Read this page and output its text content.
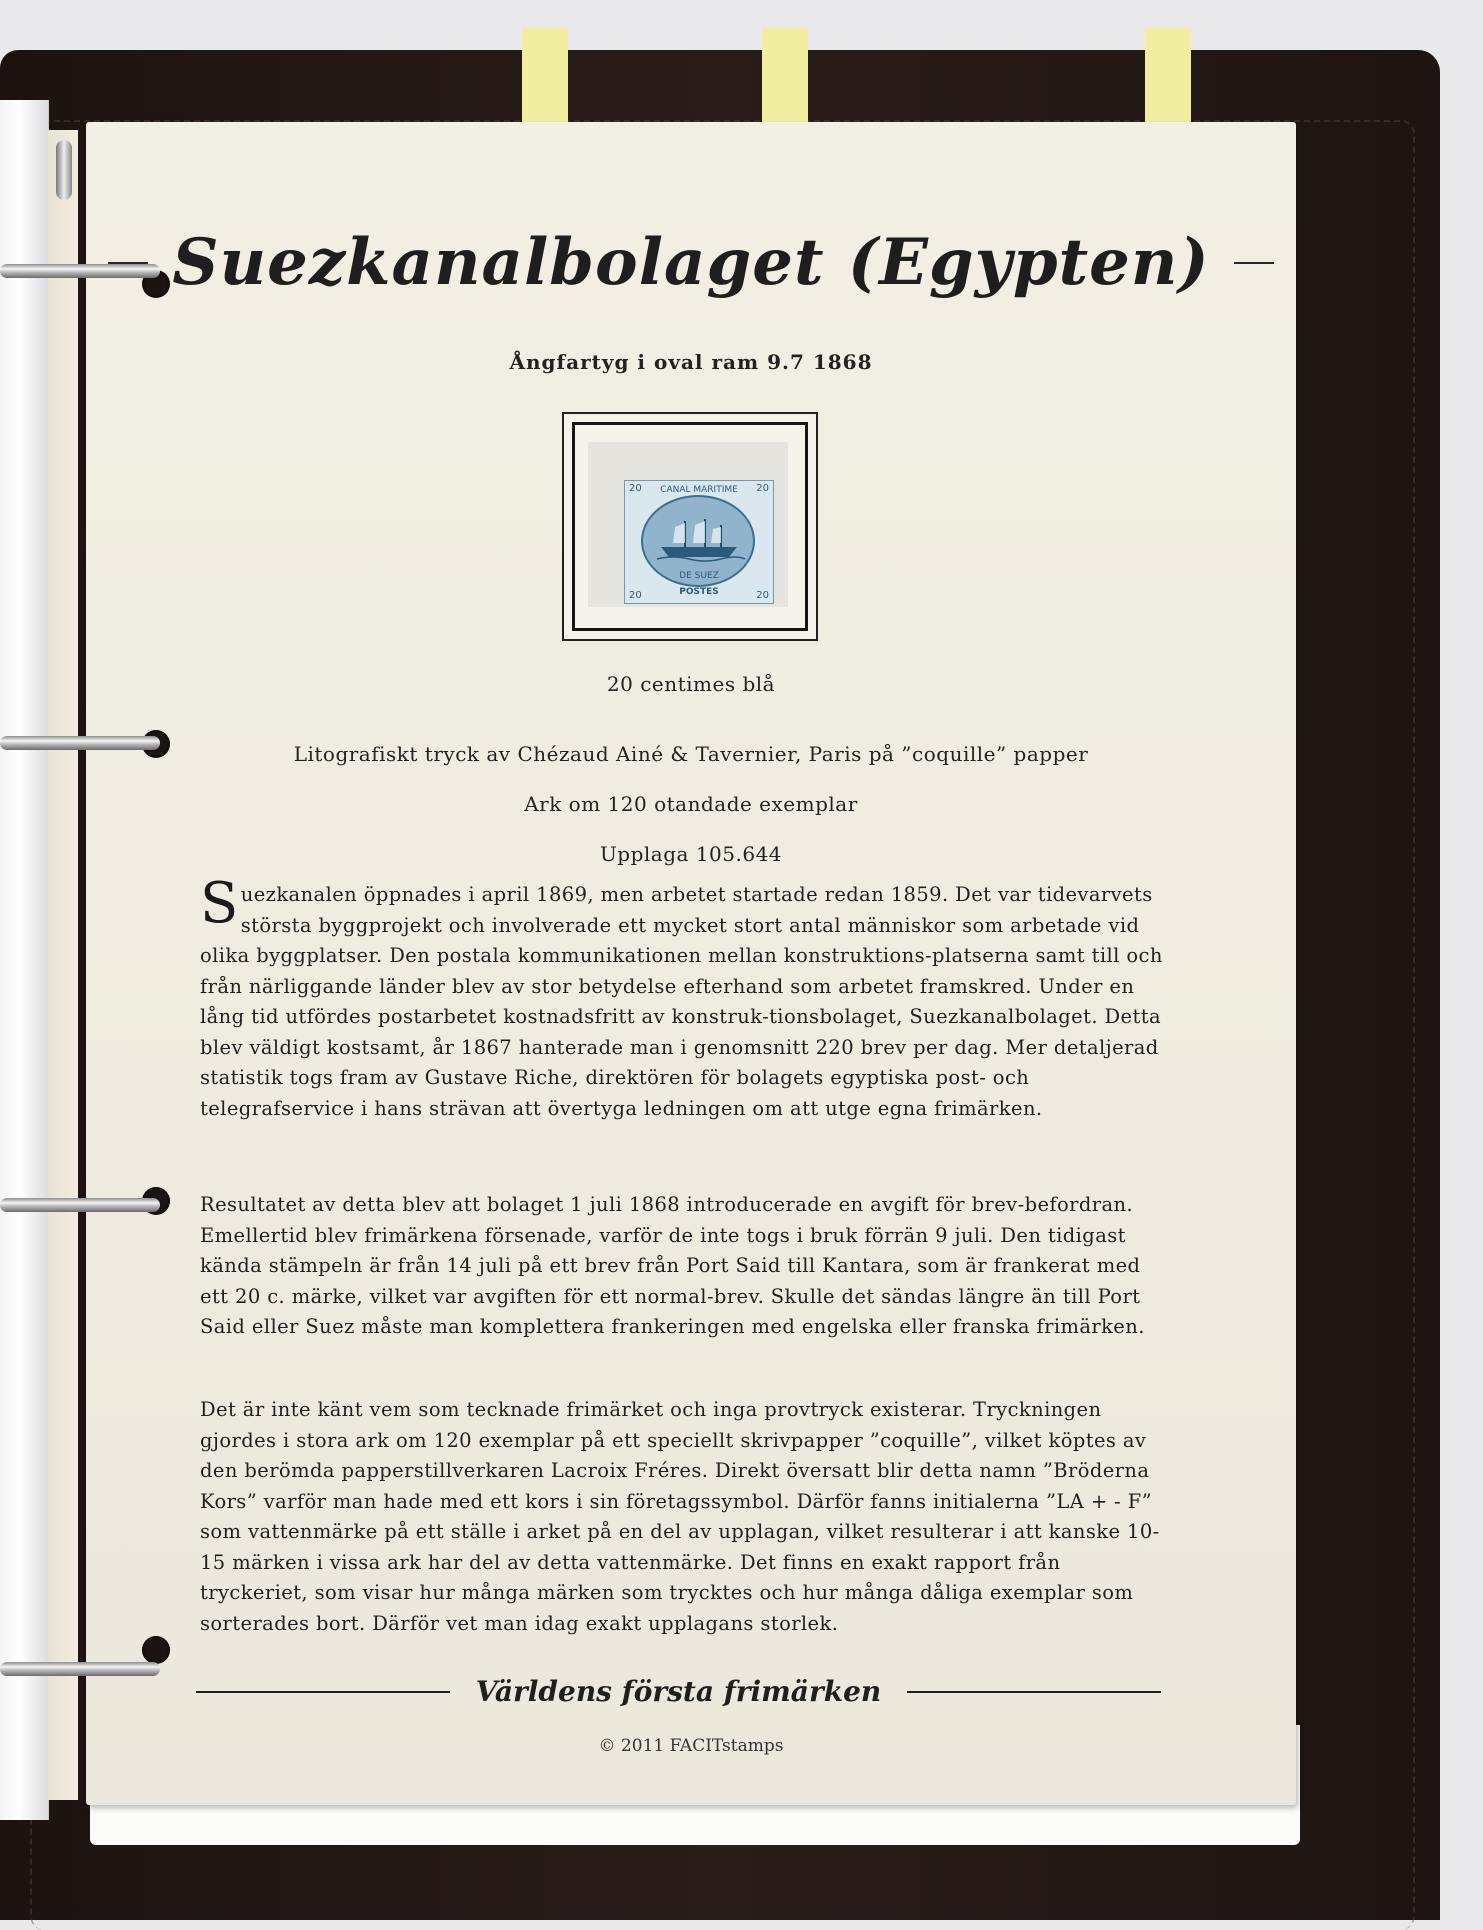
Suezkanalbolaget (Egypten)
Ångfartyg i oval ram 9.7 1868
CANAL MARITIME
DE SUEZ
POSTES
20	20
20	20
20 centimes blå
Litografiskt tryck av Chézaud Ainé & Tavernier, Paris på ”coquille” papper
Ark om 120 otandade exemplar
Upplaga 105.644
S uezkanalen öppnades i april 1869, men arbetet startade redan 1859. Det var tidevarvets största byggprojekt och involverade ett mycket stort antal människor som arbetade vid olika byggplatser. Den postala kommunikationen mellan konstruktions-platserna samt till och från närliggande länder blev av stor betydelse efterhand som arbetet framskred. Under en lång tid utfördes postarbetet kostnadsfritt av konstruk-tionsbolaget, Suezkanalbolaget. Detta blev väldigt kostsamt, år 1867 hanterade man i genomsnitt 220 brev per dag. Mer detaljerad statistik togs fram av Gustave Riche, direktören för bolagets egyptiska post- och telegrafservice i hans strävan att övertyga ledningen om att utge egna frimärken.
Resultatet av detta blev att bolaget 1 juli 1868 introducerade en avgift för brev-befordran. Emellertid blev frimärkena försenade, varför de inte togs i bruk förrän 9 juli. Den tidigast kända stämpeln är från 14 juli på ett brev från Port Said till Kantara, som är frankerat med ett 20 c. märke, vilket var avgiften för ett normal-brev. Skulle det sändas längre än till Port Said eller Suez måste man komplettera frankeringen med engelska eller franska frimärken.
Det är inte känt vem som tecknade frimärket och inga provtryck existerar. Tryckningen gjordes i stora ark om 120 exemplar på ett speciellt skrivpapper ”coquille”, vilket köptes av den berömda papperstillverkaren Lacroix Fréres. Direkt översatt blir detta namn ”Bröderna Kors” varför man hade med ett kors i sin företagssymbol. Därför fanns initialerna ”LA + - F” som vattenmärke på ett ställe i arket på en del av upplagan, vilket resulterar i att kanske 10-15 märken i vissa ark har del av detta vattenmärke. Det finns en exakt rapport från tryckeriet, som visar hur många märken som trycktes och hur många dåliga exemplar som sorterades bort. Därför vet man idag exakt upplagans storlek.
Världens första frimärken
© 2011 FACITstamps
